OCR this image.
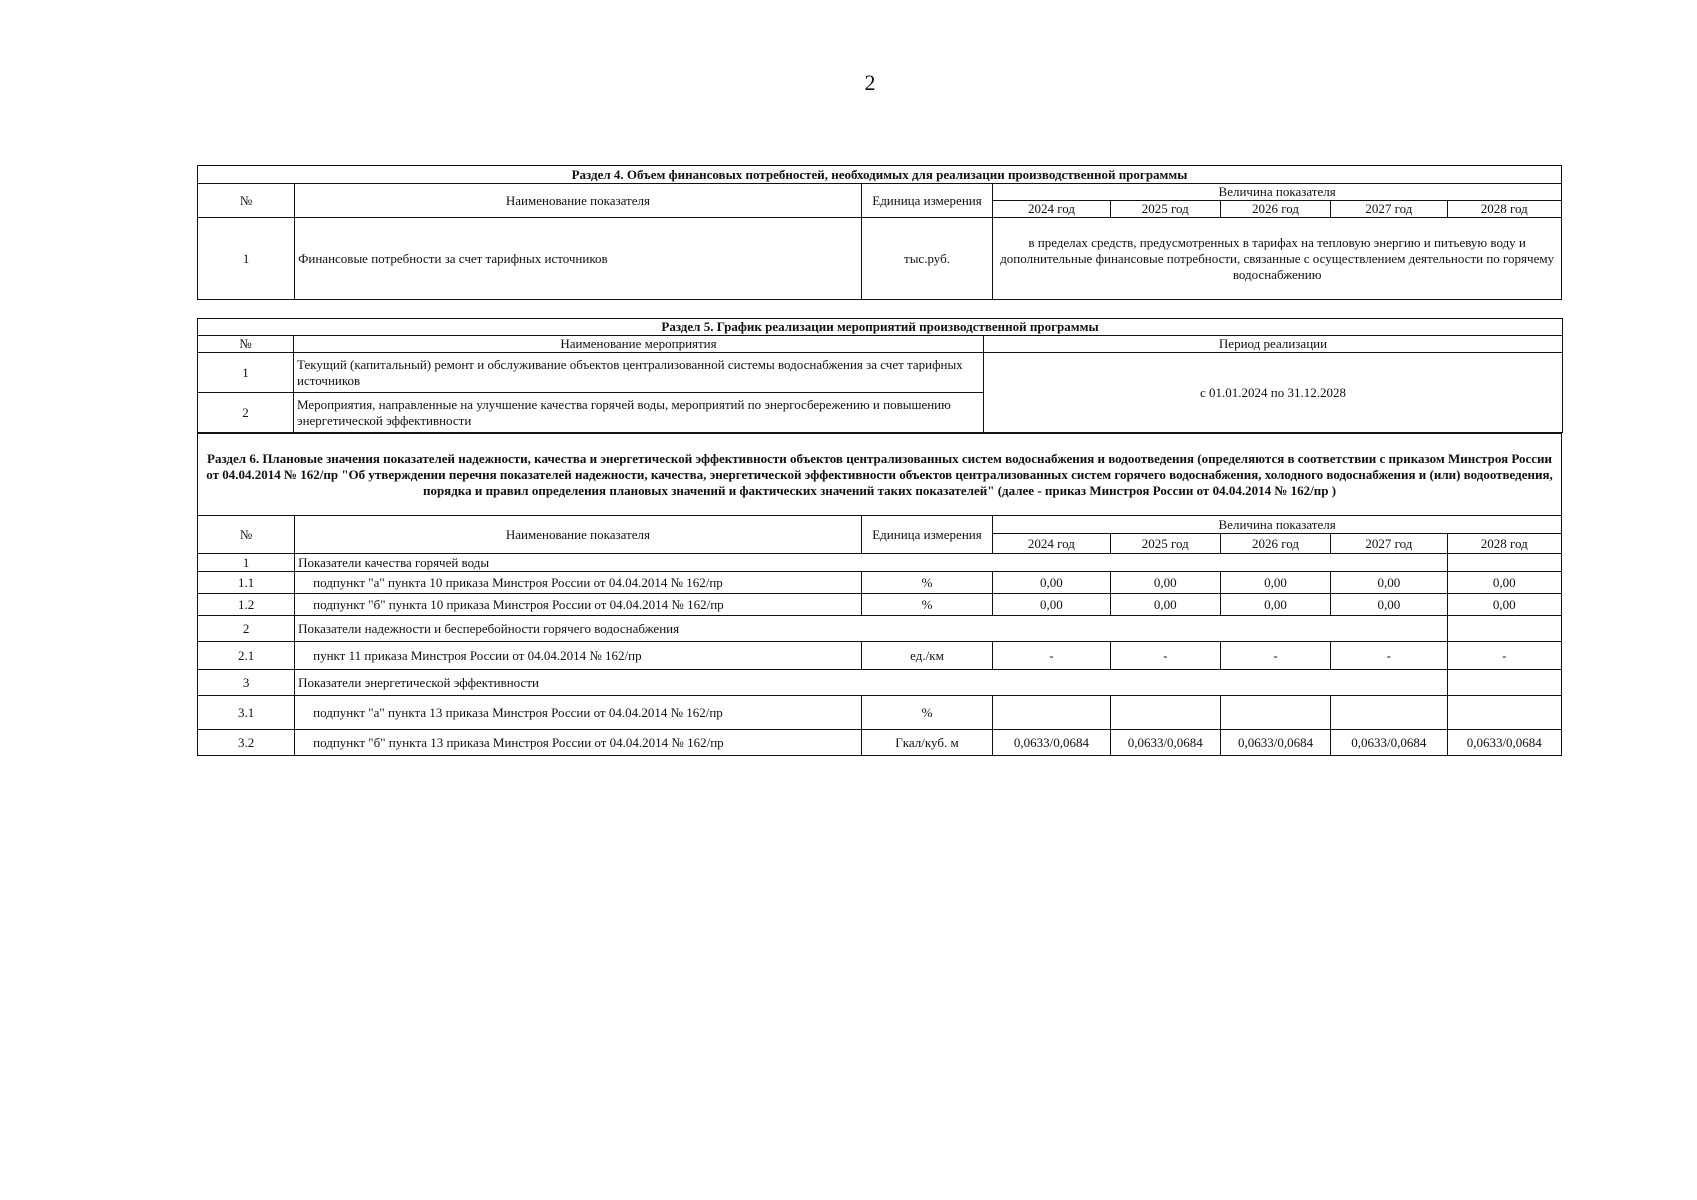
2
Раздел 4. Объем финансовых потребностей, необходимых для реализации производственной программы							
№	Наименование показателя	Единица измерения	Величина показателя				
			2024 год	2025 год	2026 год	2027 год	2028 год
1	Финансовые потребности за счет тарифных источников	тыс.руб.	в пределах средств, предусмотренных в тарифах на тепловую энергию и питьевую воду и дополнительные финансовые потребности, связанные с осуществлением деятельности по горячему водоснабжению				
Раздел 5. График реализации мероприятий производственной программы		
№	Наименование мероприятия	Период реализации
1	Текущий (капитальный) ремонт и обслуживание объектов централизованной системы водоснабжения за счет тарифных источников	с 01.01.2024 по 31.12.2028
2	Мероприятия, направленные на улучшение качества горячей воды, мероприятий по энергосбережению и повышению энергетической эффективности	
Раздел 6. Плановые значения показателей надежности, качества и энергетической эффективности объектов централизованных систем водоснабжения и водоотведения (определяются в соответствии с приказом Минстроя России от 04.04.2014 № 162/пр "Об утверждении перечня показателей надежности, качества, энергетической эффективности объектов централизованных систем горячего водоснабжения, холодного водоснабжения и (или) водоотведения, порядка и правил определения плановых значений и фактических значений таких показателей" (далее - приказ Минстроя России от 04.04.2014 № 162/пр )							
№	Наименование показателя	Единица измерения	Величина показателя				
			2024 год	2025 год	2026 год	2027 год	2028 год
1	Показатели качества горячей воды						
1.1	подпункт "а" пункта 10 приказа Минстроя России от 04.04.2014 № 162/пр	%	0,00	0,00	0,00	0,00	0,00
1.2	подпункт "б" пункта 10 приказа Минстроя России от 04.04.2014 № 162/пр	%	0,00	0,00	0,00	0,00	0,00
2	Показатели надежности и бесперебойности горячего водоснабжения						
2.1	пункт 11 приказа Минстроя России от 04.04.2014 № 162/пр	ед./км	-	-	-	-	-
3	Показатели энергетической эффективности						
3.1	подпункт "а" пункта 13 приказа Минстроя России от 04.04.2014 № 162/пр	%					
3.2	подпункт "б" пункта 13 приказа Минстроя России от 04.04.2014 № 162/пр	Гкал/куб. м	0,0633/0,0684	0,0633/0,0684	0,0633/0,0684	0,0633/0,0684	0,0633/0,0684
